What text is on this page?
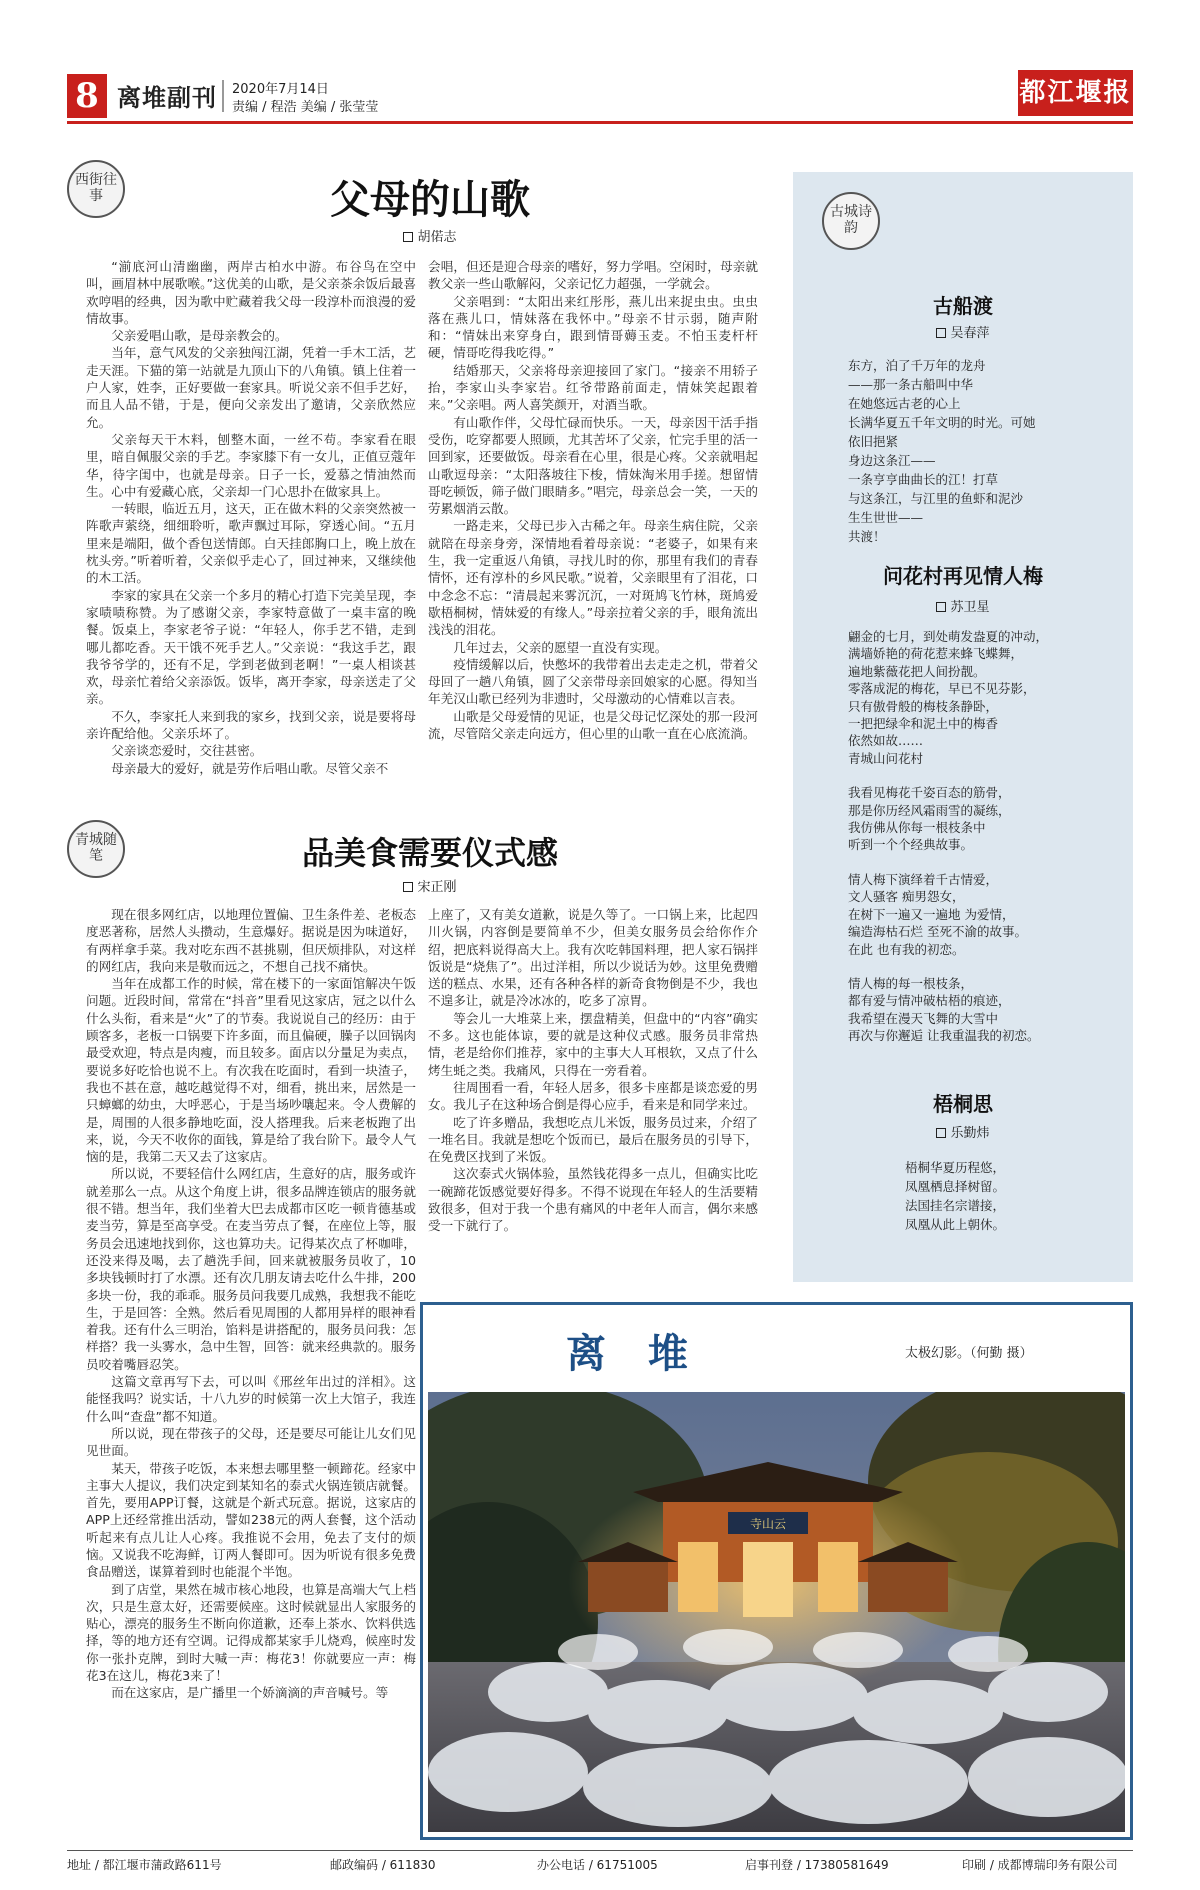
8 离堆副刊 2020年7月14日
责编 / 程浩 美编 / 张莹莹	都江堰报
西街往事	父母的山歌
胡偌志

“湔底河山清幽幽，两岸古柏水中游。布谷鸟在空中叫，画眉林中展歌喉。”这优美的山歌，是父亲茶余饭后最喜欢哼唱的经典，因为歌中贮藏着我父母一段淳朴而浪漫的爱情故事。

父亲爱唱山歌，是母亲教会的。

当年，意气风发的父亲独闯江湖，凭着一手木工活，艺走天涯。下猫的第一站就是九顶山下的八角镇。镇上住着一户人家，姓李，正好要做一套家具。听说父亲不但手艺好，而且人品不错，于是，便向父亲发出了邀请，父亲欣然应允。

父亲每天干木料，刨整木面，一丝不苟。李家看在眼里，暗自佩服父亲的手艺。李家膝下有一女儿，正值豆蔻年华，待字闺中，也就是母亲。日子一长，爱慕之情油然而生。心中有爱藏心底，父亲却一门心思扑在做家具上。

一转眼，临近五月，这天，正在做木料的父亲突然被一阵歌声萦绕，细细聆听，歌声飘过耳际，穿透心间。“五月里来是端阳，做个香包送情郎。白天挂郎胸口上，晚上放在枕头旁。”听着听着，父亲似乎走心了，回过神来，又继续他的木工活。

李家的家具在父亲一个多月的精心打造下完美呈现，李家啧啧称赞。为了感谢父亲，李家特意做了一桌丰富的晚餐。饭桌上，李家老爷子说：“年轻人，你手艺不错，走到哪儿都吃香。天干饿不死手艺人。”父亲说：“我这手艺，跟我爷爷学的，还有不足，学到老做到老啊！”一桌人相谈甚欢，母亲忙着给父亲添饭。饭毕，离开李家，母亲送走了父亲。

不久，李家托人来到我的家乡，找到父亲，说是要将母亲许配给他。父亲乐坏了。

父亲谈恋爱时，交往甚密。

母亲最大的爱好，就是劳作后唱山歌。尽管父亲不

会唱，但还是迎合母亲的嗜好，努力学唱。空闲时，母亲就教父亲一些山歌解闷，父亲记忆力超强，一学就会。

父亲唱到：“太阳出来红彤彤，燕儿出来捉虫虫。虫虫落在燕儿口，情妹落在我怀中。”母亲不甘示弱，随声附和：“情妹出来穿身白，跟到情哥薅玉麦。不怕玉麦杆杆硬，情哥吃得我吃得。”

结婚那天，父亲将母亲迎接回了家门。“接亲不用轿子抬，李家山头李家岩。红爷带路前面走，情妹笑起跟着来。”父亲唱。两人喜笑颜开，对酒当歌。

有山歌作伴，父母忙碌而快乐。一天，母亲因干活手指受伤，吃穿都要人照顾，尤其苦坏了父亲，忙完手里的活一回到家，还要做饭。母亲看在心里，很是心疼。父亲就唱起山歌逗母亲：“太阳落坡往下梭，情妹淘米用手搓。想留情哥吃顿饭，筛子做门眼睛多。”唱完，母亲总会一笑，一天的劳累烟消云散。

一路走来，父母已步入古稀之年。母亲生病住院，父亲就陪在母亲身旁，深情地看着母亲说：“老婆子，如果有来生，我一定重返八角镇，寻找儿时的你，那里有我们的青春情怀，还有淳朴的乡风民歌。”说着，父亲眼里有了泪花，口中念念不忘：“清晨起来雾沉沉，一对斑鸠飞竹林，斑鸠爱歇梧桐树，情妹爱的有缘人。”母亲拉着父亲的手，眼角流出浅浅的泪花。

几年过去，父亲的愿望一直没有实现。

疫情缓解以后，快憋坏的我带着出去走走之机，带着父母回了一趟八角镇，圆了父亲带母亲回娘家的心愿。得知当年羌汉山歌已经列为非遗时，父母激动的心情难以言表。

山歌是父母爱情的见证，也是父母记忆深处的那一段河流，尽管陪父亲走向远方，但心里的山歌一直在心底流淌。

青城随笔	品美食需要仪式感
宋正刚

现在很多网红店，以地理位置偏、卫生条件差、老板态度恶著称，居然人头攒动，生意爆好。据说是因为味道好，有两样拿手菜。我对吃东西不甚挑剔，但厌烦排队，对这样的网红店，我向来是敬而远之，不想自己找不痛快。

当年在成都工作的时候，常在楼下的一家面馆解决午饭问题。近段时间，常常在“抖音”里看见这家店，冠之以什么什么头衔，看来是“火”了的节奏。我说说自己的经历：由于顾客多，老板一口锅要下许多面，而且偏硬，臊子以回锅肉最受欢迎，特点是肉瘦，而且较多。面店以分量足为卖点，要说多好吃恰也说不上。有次我在吃面时，看到一块渣子，我也不甚在意，越吃越觉得不对，细看，挑出来，居然是一只蟑螂的幼虫，大呼恶心，于是当场吵嚷起来。令人费解的是，周围的人很多静地吃面，没人搭理我。后来老板跑了出来，说，今天不收你的面钱，算是给了我台阶下。最令人气恼的是，我第二天又去了这家店。

所以说，不要轻信什么网红店，生意好的店，服务或许就差那么一点。从这个角度上讲，很多品牌连锁店的服务就很不错。想当年，我们坐着大巴去成都市区吃一顿肯德基或麦当劳，算是至高享受。在麦当劳点了餐，在座位上等，服务员会迅速地找到你，这也算功夫。记得某次点了杯咖啡，还没来得及喝，去了趟洗手间，回来就被服务员收了，10多块钱顿时打了水漂。还有次几朋友请去吃什么牛排，200多块一份，我的乖乖。服务员问我要几成熟，我想我不能吃生，于是回答：全熟。然后看见周围的人都用异样的眼神看着我。还有什么三明治，馅料是讲搭配的，服务员问我：怎样搭？我一头雾水，急中生智，回答：就来经典款的。服务员咬着嘴唇忍笑。

这篇文章再写下去，可以叫《邢丝年出过的洋相》。这能怪我吗？说实话，十八九岁的时候第一次上大馆子，我连什么叫“查盘”都不知道。

所以说，现在带孩子的父母，还是要尽可能让儿女们见见世面。

某天，带孩子吃饭，本来想去哪里整一顿蹄花。经家中主事大人提议，我们决定到某知名的泰式火锅连锁店就餐。首先，要用APP订餐，这就是个新式玩意。据说，这家店的APP上还经常推出活动，譬如238元的两人套餐，这个活动听起来有点儿让人心疼。我推说不会用，免去了支付的烦恼。又说我不吃海鲜，订两人餐即可。因为听说有很多免费食品赠送，谋算着到时也能混个半饱。

到了店堂，果然在城市核心地段，也算是高端大气上档次，只是生意太好，还需要候座。这时候就显出人家服务的贴心，漂亮的服务生不断向你道歉，还奉上茶水、饮料供选择，等的地方还有空调。记得成都某家手儿烧鸡，候座时发你一张扑克牌，到时大喊一声：梅花3！你就要应一声：梅花3在这儿，梅花3来了！

而在这家店，是广播里一个娇滴滴的声音喊号。等

上座了，又有美女道歉，说是久等了。一口锅上来，比起四川火锅，内容倒是要简单不少，但美女服务员会给你作介绍，把底料说得高大上。我有次吃韩国料理，把人家石锅拌饭说是“烧焦了”。出过洋相，所以少说话为妙。这里免费赠送的糕点、水果，还有各种各样的新奇食物倒是不少，我也不遑多让，就是冷冰冰的，吃多了凉胃。

等会儿一大堆菜上来，摆盘精美，但盘中的“内容”确实不多。这也能体谅，要的就是这种仪式感。服务员非常热情，老是给你们推荐，家中的主事大人耳根软，又点了什么烤生蚝之类。我痛风，只得在一旁看着。

往周围看一看，年轻人居多，很多卡座都是谈恋爱的男女。我儿子在这种场合倒是得心应手，看来是和同学来过。

吃了许多赠品，我想吃点儿米饭，服务员过来，介绍了一堆名目。我就是想吃个饭而已，最后在服务员的引导下，在免费区找到了米饭。

这次泰式火锅体验，虽然钱花得多一点儿，但确实比吃一碗蹄花饭感觉要好得多。不得不说现在年轻人的生活要精致很多，但对于我一个患有痛风的中老年人而言，偶尔来感受一下就行了。

古城诗韵
古船渡
吴春萍
东方，泊了千万年的龙舟
——那一条古船叫中华
在她悠远古老的心上
长满华夏五千年文明的时光。可她
依旧挹紧
身边这条江——
一条亨亨曲曲长的江！打草
与这条江，与江里的鱼虾和泥沙
生生世世——
共渡！
问花村再见情人梅
苏卫星
翩金的七月，到处萌发盎夏的冲动，
满墙娇艳的荷花惹来蜂飞蝶舞，
遍地紫薇花把人间扮靓。
零落成泥的梅花，早已不见芬影，
只有傲骨般的梅枝条静卧，
一把把绿伞和泥土中的梅香
依然如故……
青城山问花村
我看见梅花千姿百态的筋骨，
那是你历经风霜雨雪的凝练，
我仿佛从你每一根枝条中
听到一个个经典故事。
情人梅下演绎着千古情爱，
文人骚客 痴男怨女，
在树下一遍又一遍地 为爱情，
编造海枯石烂 至死不渝的故事。
在此 也有我的初恋。
情人梅的每一根枝条，
都有爱与情冲破枯梧的痕迹，
我希望在漫天飞舞的大雪中
再次与你邂逅 让我重温我的初恋。
梧桐思
乐勤炜
梧桐华夏历程悠，
凤凰栖息择树留。
法国挂名宗谱接，
凤凰从此上朝休。
离 堆	太极幻影。（何勤 摄）
寺山云
地址 / 都江堰市蒲政路611号	邮政编码 / 611830	办公电话 / 61751005	启事刊登 / 17380581649	印刷 / 成都博瑞印务有限公司
